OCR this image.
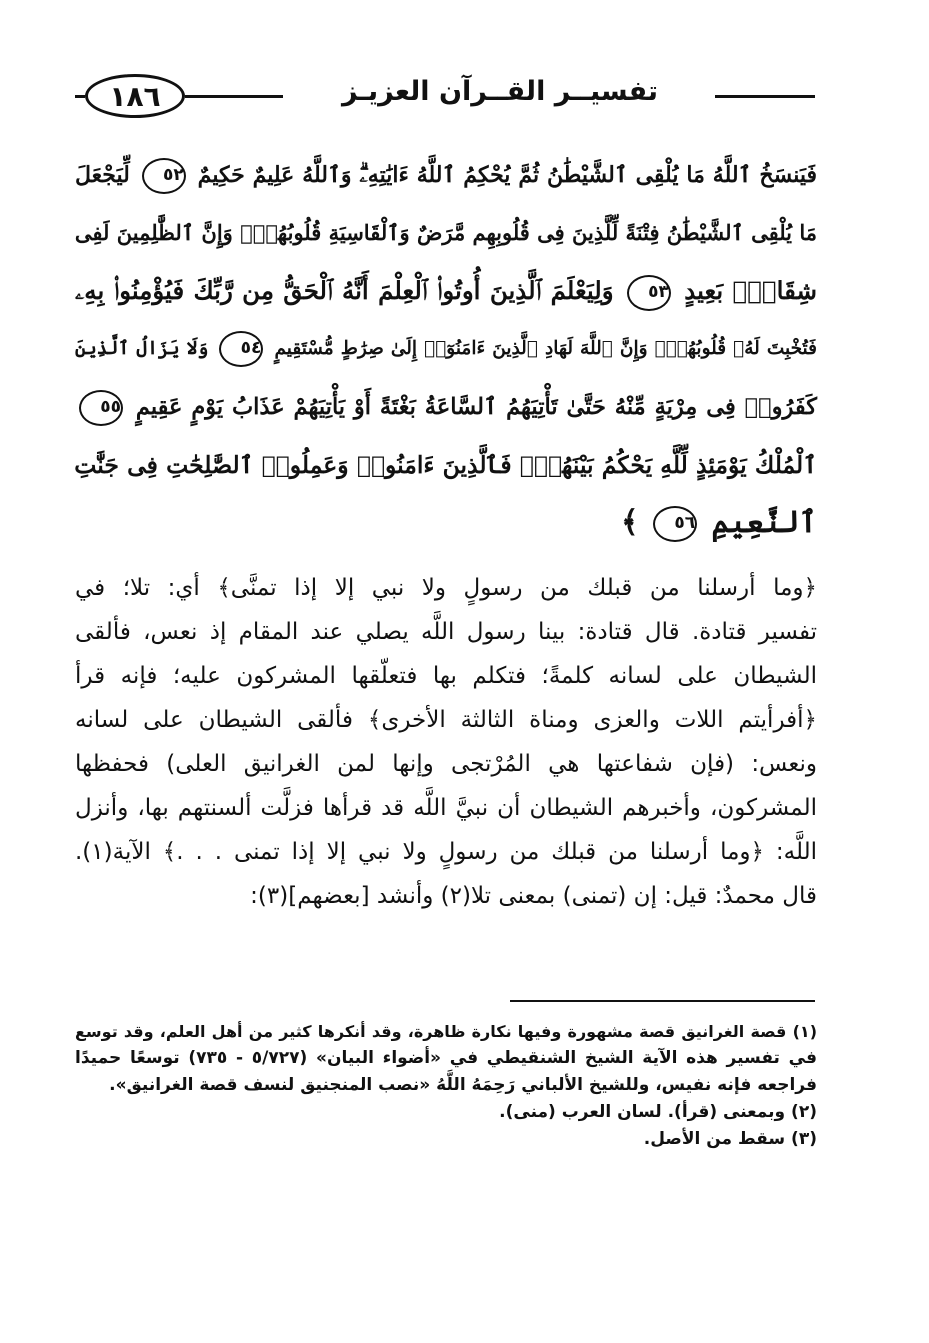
١٨٦	تفسيــر القــرآن العزيـز
فَيَنسَخُ ٱللَّهُ مَا يُلْقِى ٱلشَّيْطَٰنُ ثُمَّ يُحْكِمُ ٱللَّهُ ءَايَٰتِهِۦۗ وَٱللَّهُ عَلِيمٌ حَكِيمٌ ٥٢ لِّيَجْعَلَ
مَا يُلْقِى ٱلشَّيْطَٰنُ فِتْنَةً لِّلَّذِينَ فِى قُلُوبِهِم مَّرَضٌ وَٱلْقَاسِيَةِ قُلُوبُهُمْۗ وَإِنَّ ٱلظَّٰلِمِينَ لَفِى
شِقَاقٍۭ بَعِيدٍ ٥٣ وَلِيَعْلَمَ ٱلَّذِينَ أُوتُوا۟ ٱلْعِلْمَ أَنَّهُ ٱلْحَقُّ مِن رَّبِّكَ فَيُؤْمِنُوا۟ بِهِۦ
فَتُخْبِتَ لَهُۥ قُلُوبُهُمْۗ وَإِنَّ ٱللَّهَ لَهَادِ ٱلَّذِينَ ءَامَنُوٓا۟ إِلَىٰ صِرَٰطٍ مُّسْتَقِيمٍ ٥٤ وَلَا يَزَالُ ٱلَّذِينَ
كَفَرُوا۟ فِى مِرْيَةٍ مِّنْهُ حَتَّىٰ تَأْتِيَهُمُ ٱلسَّاعَةُ بَغْتَةً أَوْ يَأْتِيَهُمْ عَذَابُ يَوْمٍ عَقِيمٍ ٥٥
ٱلْمُلْكُ يَوْمَئِذٍ لِّلَّهِ يَحْكُمُ بَيْنَهُمْۚ فَٱلَّذِينَ ءَامَنُوا۟ وَعَمِلُوا۟ ٱلصَّٰلِحَٰتِ فِى جَنَّٰتِ
ٱلنَّعِيمِ ٥٦ ﴾
﴿وما أرسلنا من قبلك من رسولٍ ولا نبي إلا إذا تمنَّى﴾ أي: تلا؛ في
تفسير قتادة. قال قتادة: بينا رسول اللَّه يصلي عند المقام إذ نعس، فألقى
الشيطان على لسانه كلمةً؛ فتكلم بها فتعلّقها المشركون عليه؛ فإنه قرأ
﴿أفرأيتم اللات والعزى ومناة الثالثة الأخرى﴾ فألقى الشيطان على لسانه
ونعس: (فإن شفاعتها هي المُرْتجى وإنها لمن الغرانيق العلى) فحفظها
المشركون، وأخبرهم الشيطان أن نبيَّ اللَّه قد قرأها فزلَّت ألسنتهم بها، وأنزل
اللَّه: ﴿وما أرسلنا من قبلك من رسولٍ ولا نبي إلا إذا تمنى . . .﴾ الآية(١).
قال محمدٌ: قيل: إن (تمنى) بمعنى تلا(٢) وأنشد [بعضهم](٣):
(١) قصة الغرانيق قصة مشهورة وفيها نكارة ظاهرة، وقد أنكرها كثير من أهل العلم، وقد توسع
في تفسير هذه الآية الشيخ الشنقيطي في «أضواء البيان» (٥/٧٢٧ - ٧٣٥) توسعًا حميدًا
فراجعه فإنه نفيس، وللشيخ الألباني رَحِمَهُ اللَّهُ «نصب المنجنيق لنسف قصة الغرانيق».
(٢) وبمعنى (قرأ). لسان العرب (منى).
(٣) سقط من الأصل.
